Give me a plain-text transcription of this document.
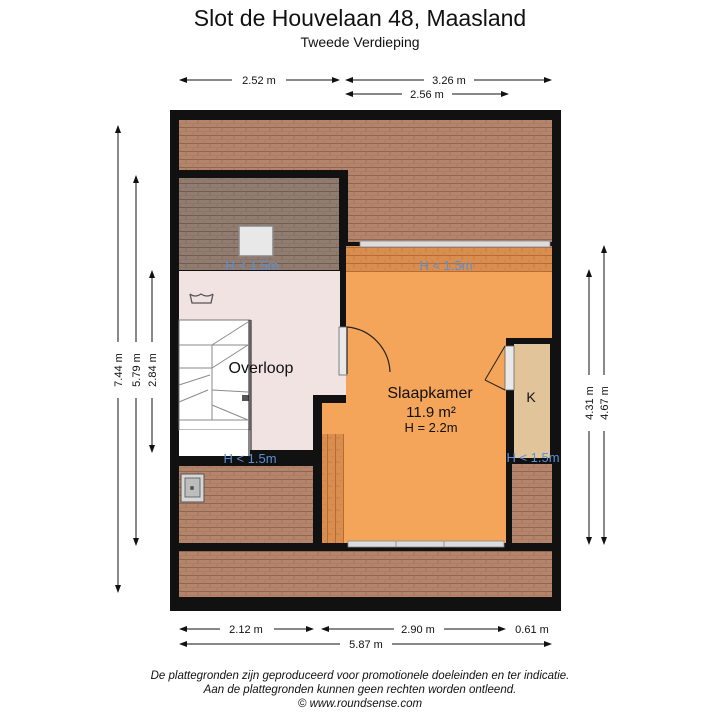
Slot de Houvelaan 48, Maasland
Tweede Verdieping
2.52 m	3.26 m
2.56 m
2.12 m	2.90 m	0.61 m
5.87 m
7.44 m 5.79 m 2.84 m
4.31 m 4.67 m
H < 1.5m	H < 1.5m
H < 1.5m	H < 1.5m
Overloop
Slaapkamer
11.9 m²
H = 2.2m
K
De plattegronden zijn geproduceerd voor promotionele doeleinden en ter indicatie.
Aan de plattegronden kunnen geen rechten worden ontleend.
© www.roundsense.com
